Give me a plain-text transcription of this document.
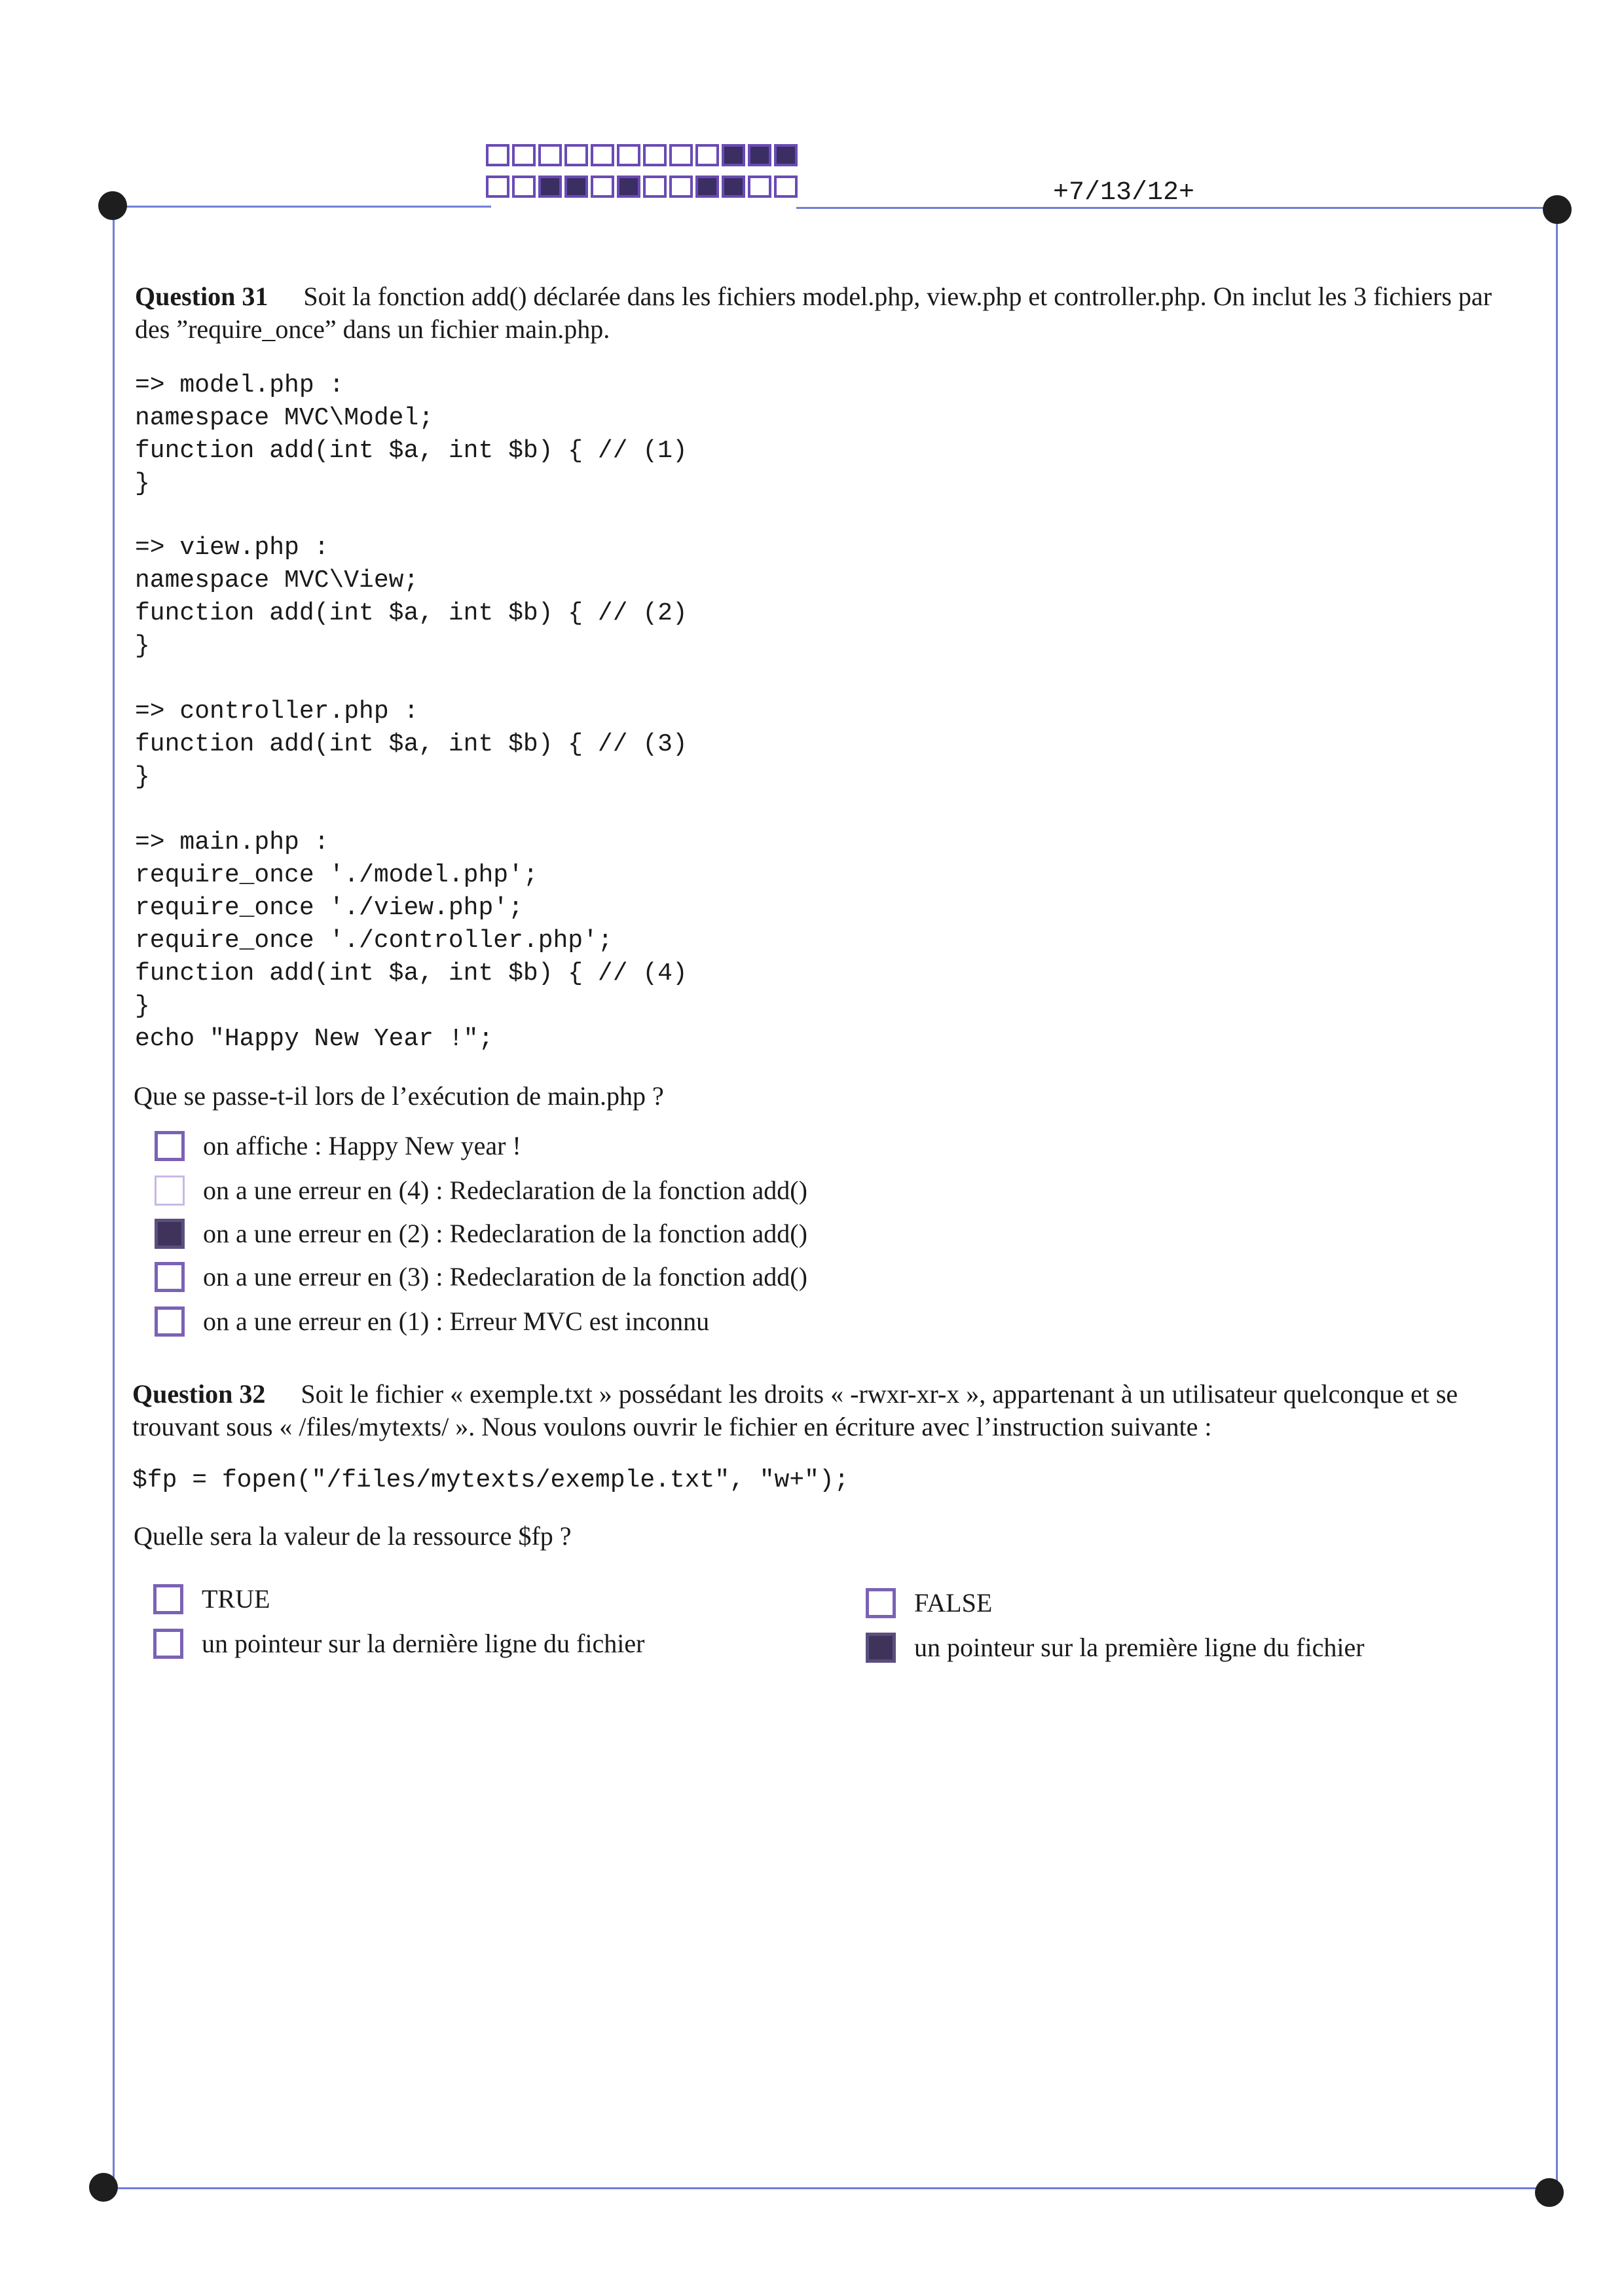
+7/13/12+
Question 31 Soit la fonction add() déclarée dans les fichiers model.php, view.php et controller.php. On inclut les 3 fichiers par des ”require_once” dans un fichier main.php.
=> model.php :
namespace MVC\Model;
function add(int $a, int $b) { // (1)
}
=> view.php :
namespace MVC\View;
function add(int $a, int $b) { // (2)
}
=> controller.php :
function add(int $a, int $b) { // (3)
}
=> main.php :
require_once './model.php';
require_once './view.php';
require_once './controller.php';
function add(int $a, int $b) { // (4)
}
echo "Happy New Year !";
Que se passe-t-il lors de l’exécution de main.php ?
on affiche : Happy New year !
on a une erreur en (4) : Redeclaration de la fonction add()
on a une erreur en (2) : Redeclaration de la fonction add()
on a une erreur en (3) : Redeclaration de la fonction add()
on a une erreur en (1) : Erreur MVC est inconnu
Question 32 Soit le fichier « exemple.txt » possédant les droits « -rwxr-xr-x », appartenant à un utilisateur quelconque et se trouvant sous « /files/mytexts/ ». Nous voulons ouvrir le fichier en écriture avec l’instruction suivante :
$fp = fopen("/files/mytexts/exemple.txt", "w+");
Quelle sera la valeur de la ressource $fp ?
TRUE	FALSE
un pointeur sur la dernière ligne du fichier	un pointeur sur la première ligne du fichier
